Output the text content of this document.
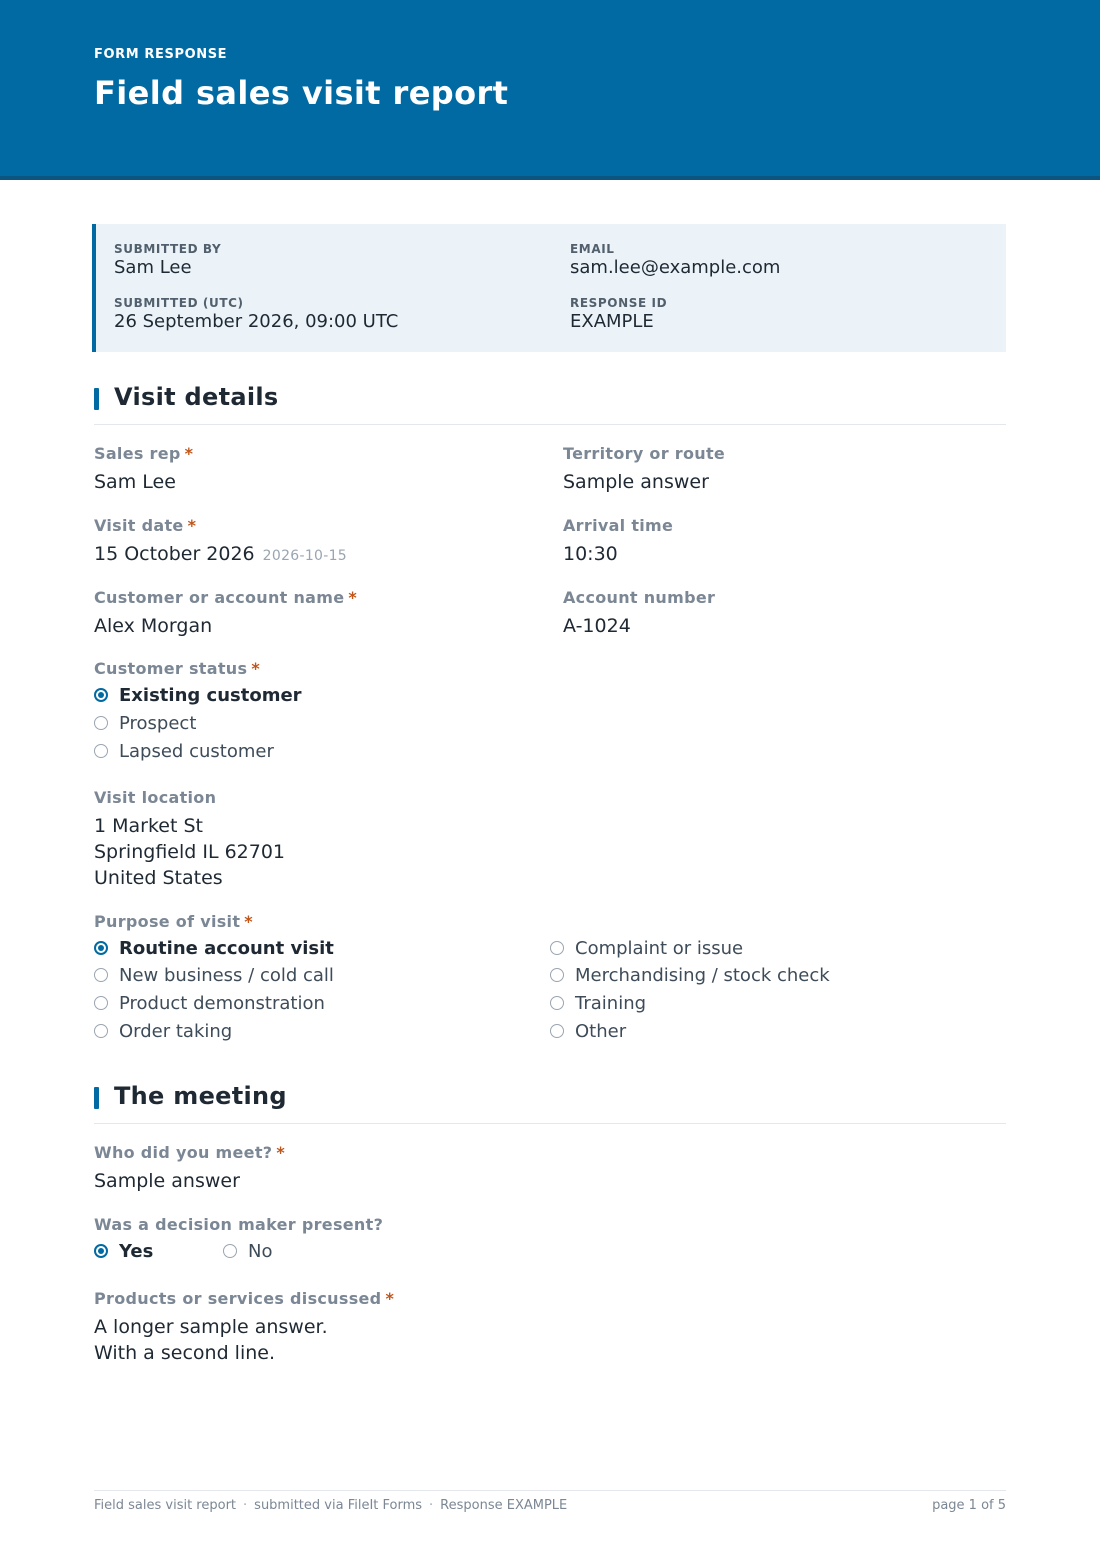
FORM RESPONSE
Field sales visit report
SUBMITTED BY
Sam Lee
EMAIL
sam.lee@example.com
SUBMITTED (UTC)
26 September 2026, 09:00 UTC
RESPONSE ID
EXAMPLE
Visit details
Sales rep *
Sam Lee
Territory or route
Sample answer
Visit date *
15 October 2026 2026-10-15
Arrival time
10:30
Customer or account name *
Alex Morgan
Account number
A-1024
Customer status *
Existing customer
Prospect
Lapsed customer
Visit location
1 Market St
Springfield IL 62701
United States
Purpose of visit *
Routine account visit
New business / cold call
Product demonstration
Order taking
Complaint or issue
Merchandising / stock check
Training
Other
The meeting
Who did you meet? *
Sample answer
Was a decision maker present?
Yes	No
Products or services discussed *
A longer sample answer.
With a second line.
Field sales visit report · submitted via FileIt Forms · Response EXAMPLE	page 1 of 5
